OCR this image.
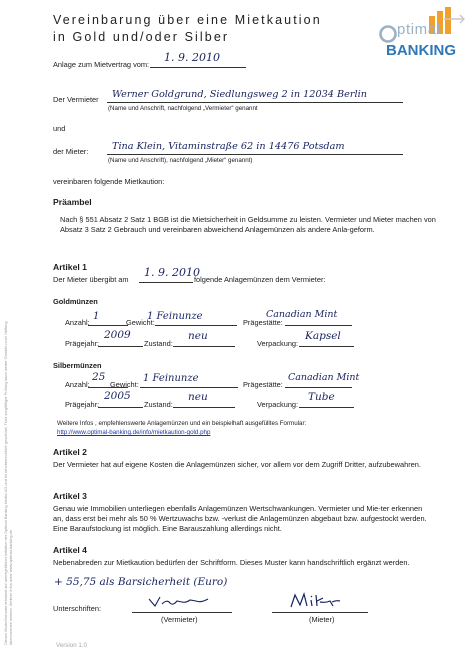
Vereinbarung über eine Mietkaution
in Gold und/oder Silber	ptimal
BANKING
Anlage zum Mietvertrag vom:
1. 9. 2010
Der Vermieter Werner Goldgrund, Siedlungsweg 2 in 12034 Berlin
(Name und Anschrift, nachfolgend „Vermieter“ genannt
und
der Mieter: Tina Klein, Vitaminstraße 62 in 14476 Potsdam
(Name und Anschrift), nachfolgend „Mieter“ genannt)
vereinbaren folgende Mietkaution:
Präambel
Nach § 551 Absatz 2 Satz 1 BGB ist die Mietsicherheit in Geldsumme zu leisten. Vermieter und Mieter machen von Absatz 3 Satz 2 Gebrauch und vereinbaren abweichend Anlagemünzen als andere Anla-geform.
Artikel 1
Der Mieter übergibt am
1. 9. 2010
folgende Anlagemünzen dem Vermieter:
Goldmünzen
Anzahl:
1
Gewicht:
1 Feinunze
Prägestätte:
Canadian Mint
Prägejahr:
2009
Zustand:
neu
Verpackung:
Kapsel
Silbermünzen
Anzahl:
25
Gewicht:
1 Feinunze
Prägestätte:
Canadian Mint
Prägejahr:
2005
Zustand:
neu
Verpackung:
Tube
Weitere Infos , empfehlenswerte Anlagemünzen und ein beispielhaft ausgefülltes Formular:
http://www.optimal-banking.de/info/mietkaution-gold.php
Artikel 2
Der Vermieter hat auf eigene Kosten die Anlagemünzen sicher, vor allem vor dem Zugriff Dritter, aufzubewahren.
Artikel 3
Genau wie Immobilien unterliegen ebenfalls Anlagemünzen Wertschwankungen. Vermieter und Mie-ter erkennen an, dass erst bei mehr als 50 % Wertzuwachs bzw. -verlust die Anlagemünzen abgebaut bzw. aufgestockt werden. Eine Baraufstockung ist möglich. Eine Barauszahlung allerdings nicht.
Artikel 4
Nebenabreden zur Mietkaution bedürfen der Schriftform. Dieses Muster kann handschriftlich ergänzt werden.
+ 55,75 als Barsicherheit (Euro)
Unterschriften:
(Vermieter)	(Mieter)
Version 1.0
Dieses Musterformular entstand auf unentgeltlicher Initiative der Optimal Banking Media UG und ist urheberrechtlich geschützt. Trotz sorgfältiger Prüfung kann weder Gewähr noch Haftung übernommen werden. Weitere Infos unter www.optimal-banking.de
